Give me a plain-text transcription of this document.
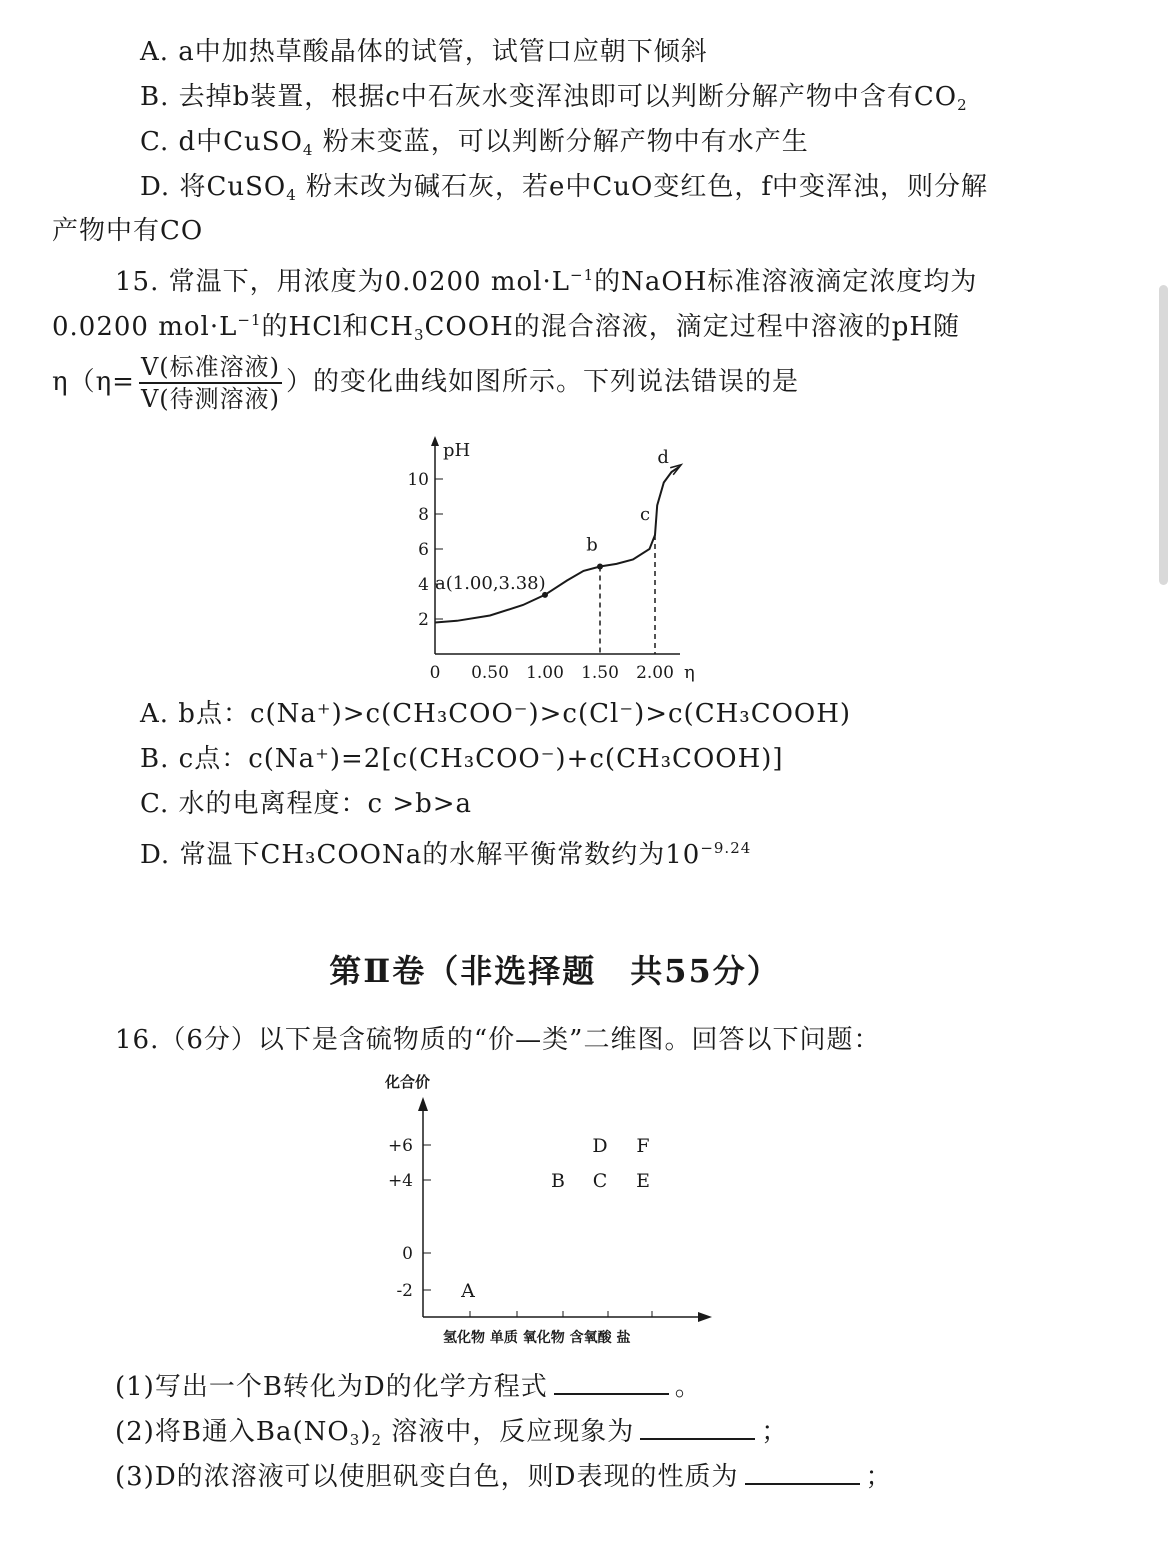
A. a中加热草酸晶体的试管，试管口应朝下倾斜
B. 去掉b装置，根据c中石灰水变浑浊即可以判断分解产物中含有$CO_2$
C. d中CuSO$_4$ 粉末变蓝，可以判断分解产物中有水产生
D. 将CuSO$_4$ 粉末改为碱石灰，若e中CuO变红色，f中变浑浊，则分解
产物中有CO
15. 常温下，用浓度为0.0200 $mol\cdot L^{-1}$的NaOH标准溶液滴定浓度均为
0.0200 $mol\cdot L^{-1}$的HCl和$CH_3COOH$的混合溶液，滴定过程中溶液的pH随
$\eta(\eta= \frac{\text{V(标准溶液)}}{\text{V(待测溶液)}}$ ）的变化曲线如图所示。下列说法错误的是
pH
η
2
4
6
8
10
0 0.50 1.00 1.50 2.00
a(1.00,3.38)
b
c
d
A. b点：c(Na⁺)>c(CH₃COO⁻)>c(Cl⁻)>c(CH₃COOH)
B. c点：c(Na⁺)=2[c(CH₃COO⁻)+c(CH₃COOH)]
C. 水的电离程度：c >b>a
D. 常温下CH₃COONa的水解平衡常数约为$10^{-9.24}$
第Ⅱ卷（非选择题　共55分）
16.（6分）以下是含硫物质的“价—类”二维图。回答以下问题：
化合价
+6
+4
0
-2
氢化物 单质 氧化物 含氧酸 盐
A
B C
D
E
F
(1)写出一个B转化为D的化学方程式	。
(2)将B通入$Ba(NO_3)_2$ 溶液中，反应现象为	；
(3)D的浓溶液可以使胆矾变白色，则D表现的性质为	；
